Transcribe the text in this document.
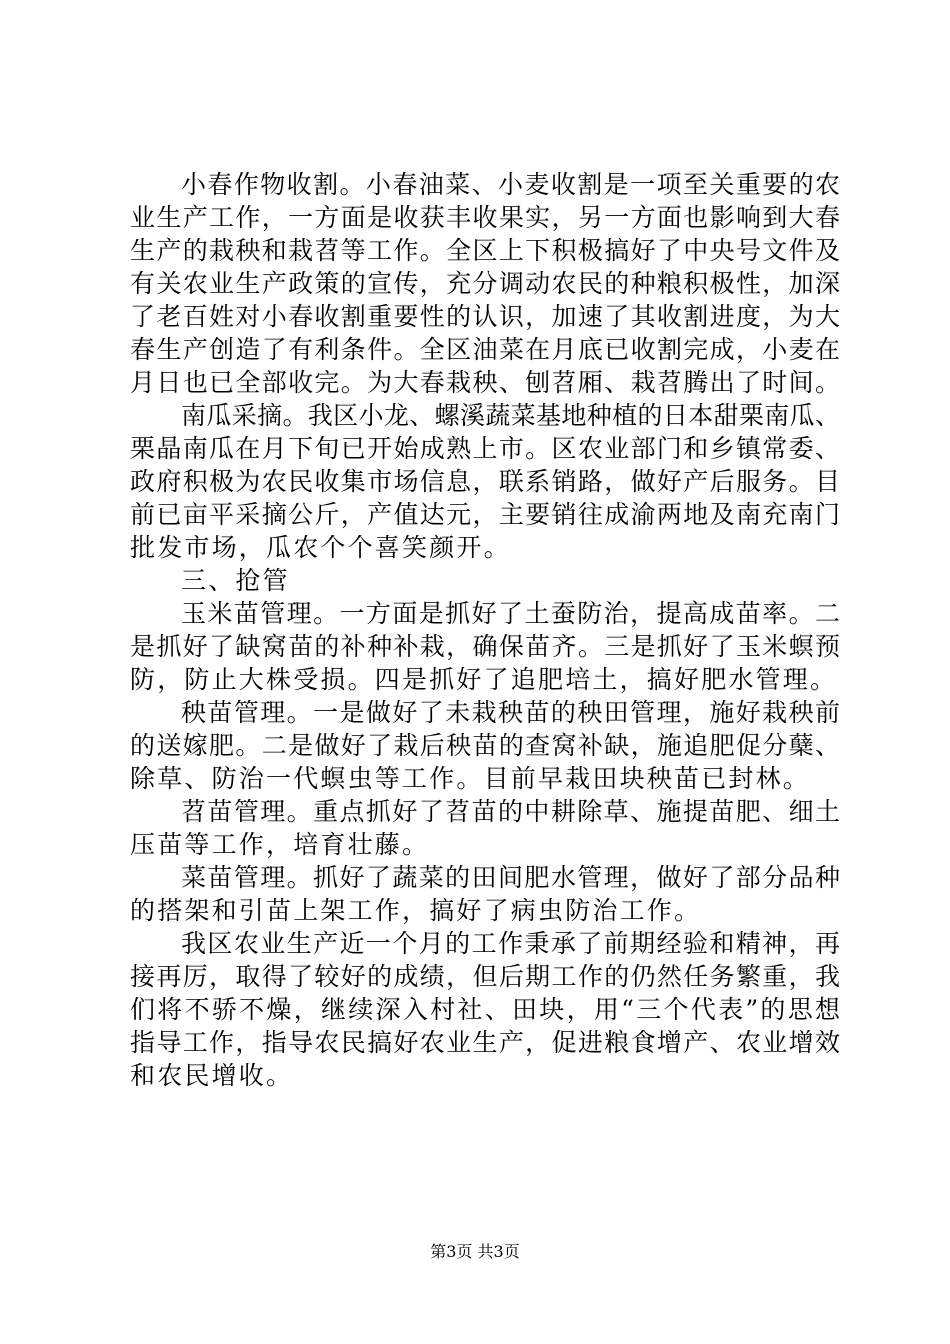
小春作物收割。小春油菜、小麦收割是一项至关重要的农
业生产工作，一方面是收获丰收果实，另一方面也影响到大春
生产的栽秧和栽苕等工作。全区上下积极搞好了中央号文件及
有关农业生产政策的宣传，充分调动农民的种粮积极性，加深
了老百姓对小春收割重要性的认识，加速了其收割进度，为大
春生产创造了有利条件。全区油菜在月底已收割完成，小麦在
月日也已全部收完。为大春栽秧、刨苕厢、栽苕腾出了时间。
南瓜采摘。我区小龙、螺溪蔬菜基地种植的日本甜栗南瓜、
栗晶南瓜在月下旬已开始成熟上市。区农业部门和乡镇常委、
政府积极为农民收集市场信息，联系销路，做好产后服务。目
前已亩平采摘公斤，产值达元，主要销往成渝两地及南充南门
批发市场，瓜农个个喜笑颜开。
三、抢管
玉米苗管理。一方面是抓好了土蚕防治，提高成苗率。二
是抓好了缺窝苗的补种补栽，确保苗齐。三是抓好了玉米螟预
防，防止大株受损。四是抓好了追肥培土，搞好肥水管理。
秧苗管理。一是做好了未栽秧苗的秧田管理，施好栽秧前
的送嫁肥。二是做好了栽后秧苗的查窝补缺，施追肥促分蘖、
除草、防治一代螟虫等工作。目前早栽田块秧苗已封林。
苕苗管理。重点抓好了苕苗的中耕除草、施提苗肥、细土
压苗等工作，培育壮藤。
菜苗管理。抓好了蔬菜的田间肥水管理，做好了部分品种
的搭架和引苗上架工作，搞好了病虫防治工作。
我区农业生产近一个月的工作秉承了前期经验和精神，再
接再厉，取得了较好的成绩，但后期工作的仍然任务繁重，我
们将不骄不燥，继续深入村社、田块，用“三个代表”的思想
指导工作，指导农民搞好农业生产，促进粮食增产、农业增效
和农民增收。
第3页 共3页
